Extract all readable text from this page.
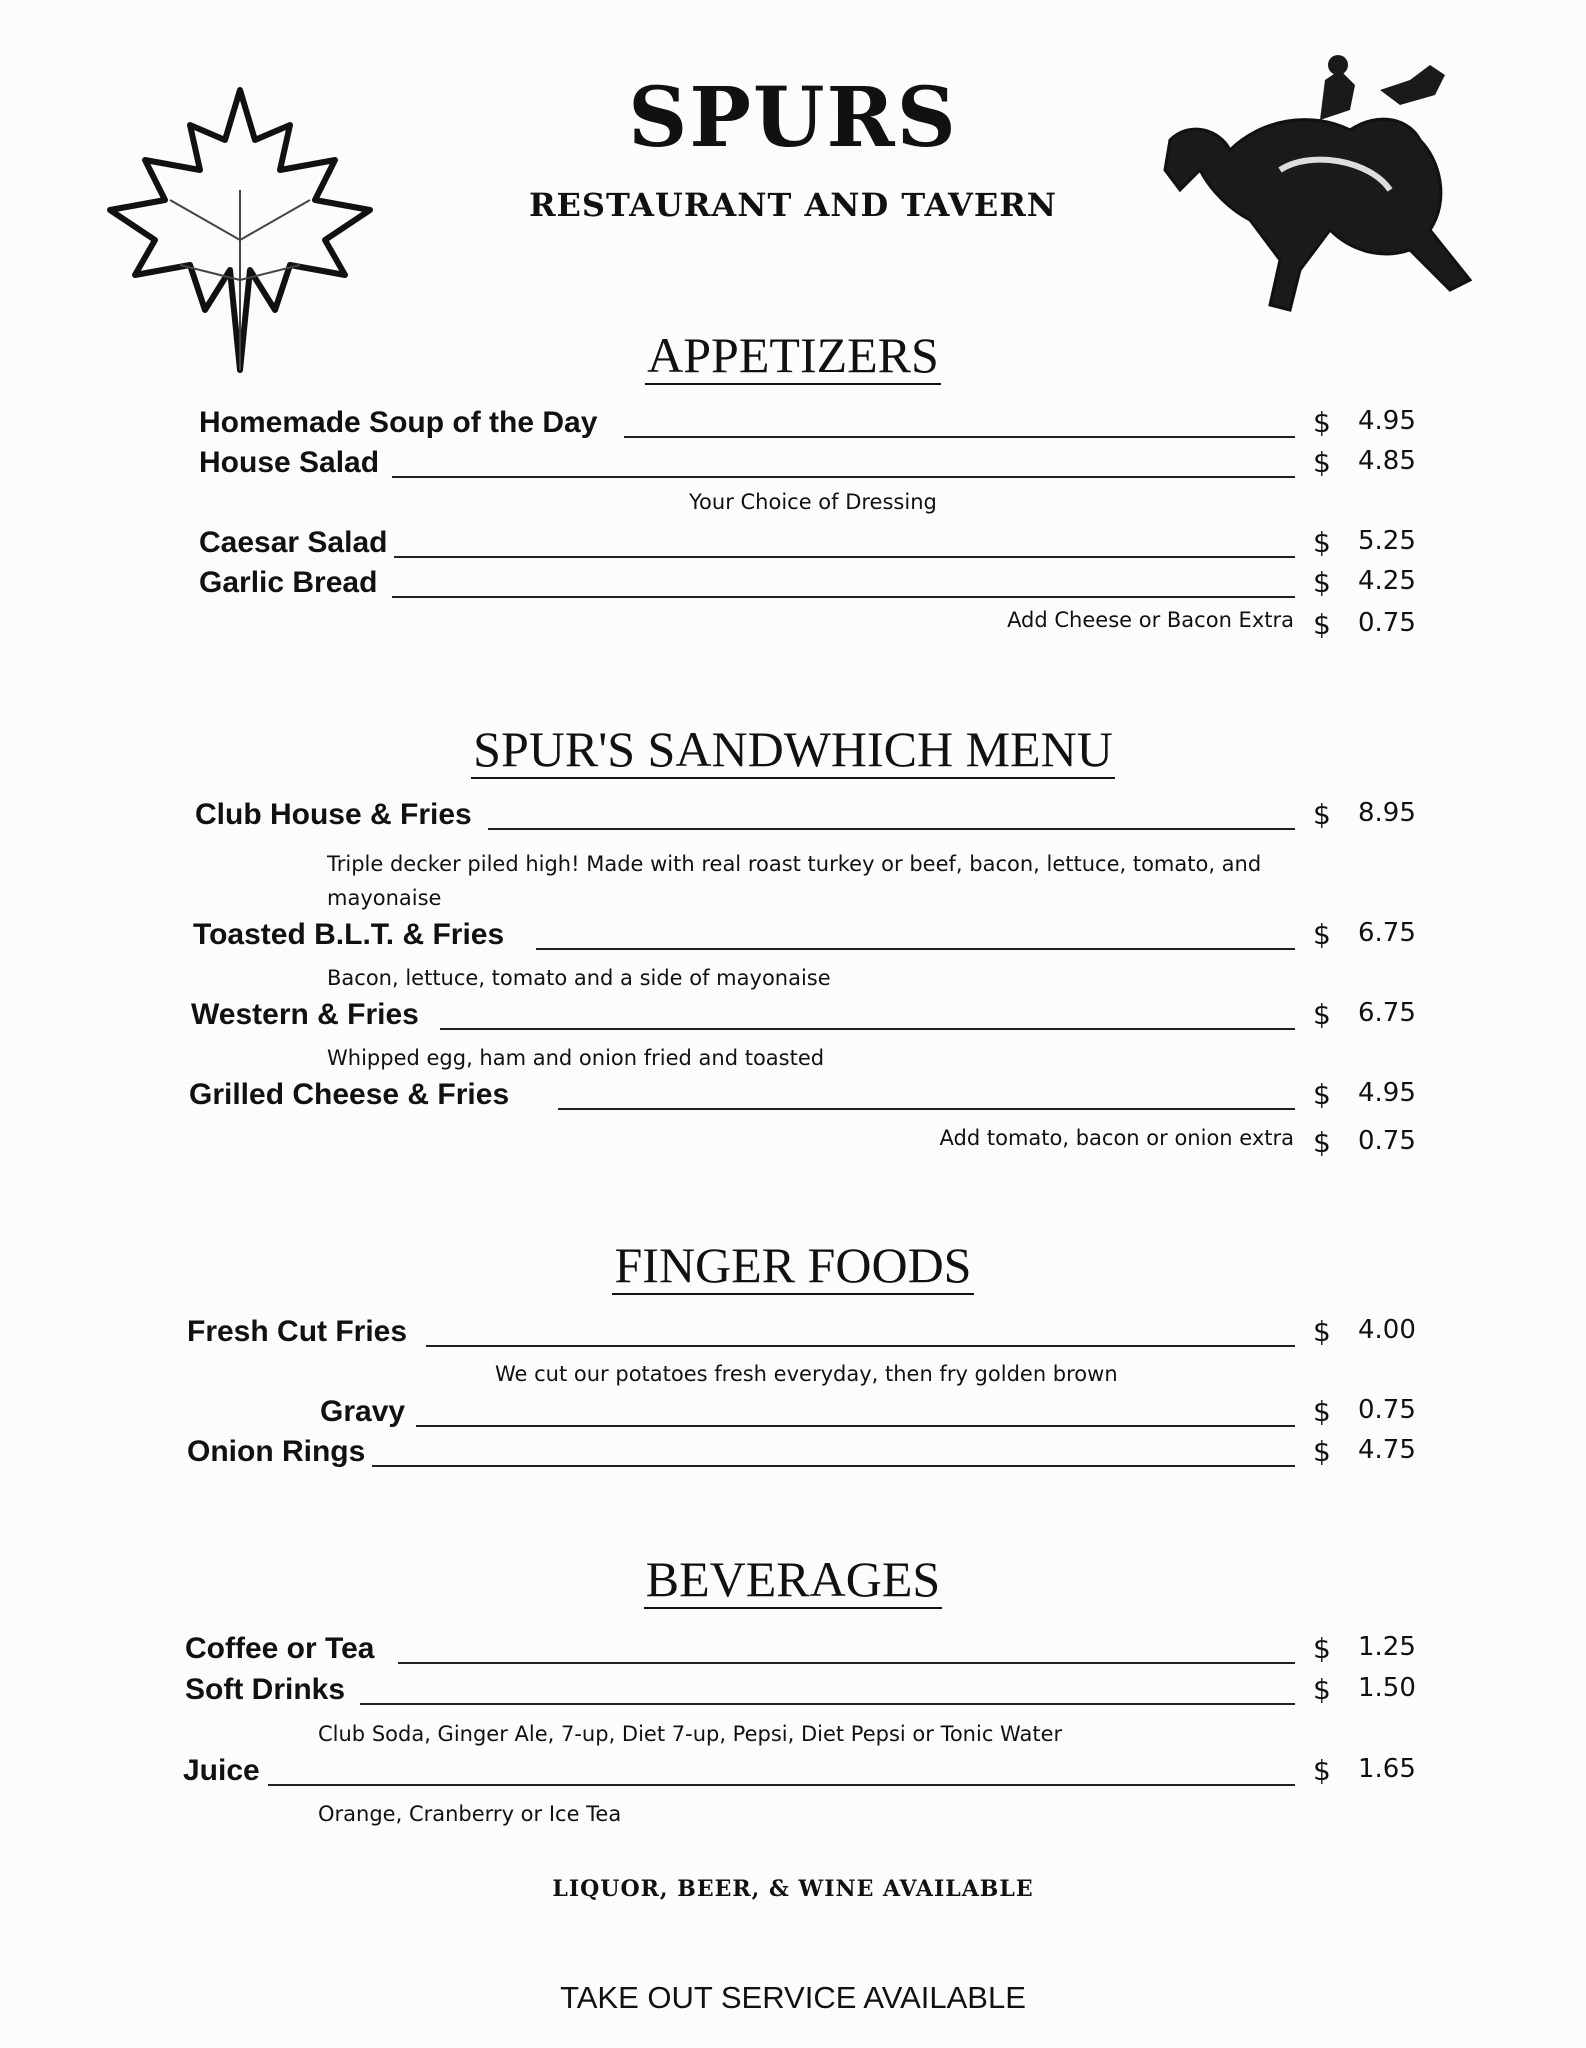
SPURS
RESTAURANT AND TAVERN
APPETIZERS
Homemade Soup of the Day	$ 4.95
House Salad	$ 4.85
Your Choice of Dressing
Caesar Salad	$ 5.25
Garlic Bread	$ 4.25
Add Cheese or Bacon Extra $ 0.75
SPUR'S SANDWHICH MENU
Club House & Fries	$ 8.95
Triple decker piled high! Made with real roast turkey or beef, bacon, lettuce, tomato, and
mayonaise
Toasted B.L.T. & Fries	$ 6.75
Bacon, lettuce, tomato and a side of mayonaise
Western & Fries	$ 6.75
Whipped egg, ham and onion fried and toasted
Grilled Cheese & Fries	$ 4.95
Add tomato, bacon or onion extra $ 0.75
FINGER FOODS
Fresh Cut Fries	$ 4.00
We cut our potatoes fresh everyday, then fry golden brown
Gravy	$ 0.75
Onion Rings	$ 4.75
BEVERAGES
Coffee or Tea	$ 1.25
Soft Drinks	$ 1.50
Club Soda, Ginger Ale, 7-up, Diet 7-up, Pepsi, Diet Pepsi or Tonic Water
Juice	$ 1.65
Orange, Cranberry or Ice Tea
LIQUOR, BEER, & WINE AVAILABLE
TAKE OUT SERVICE AVAILABLE
